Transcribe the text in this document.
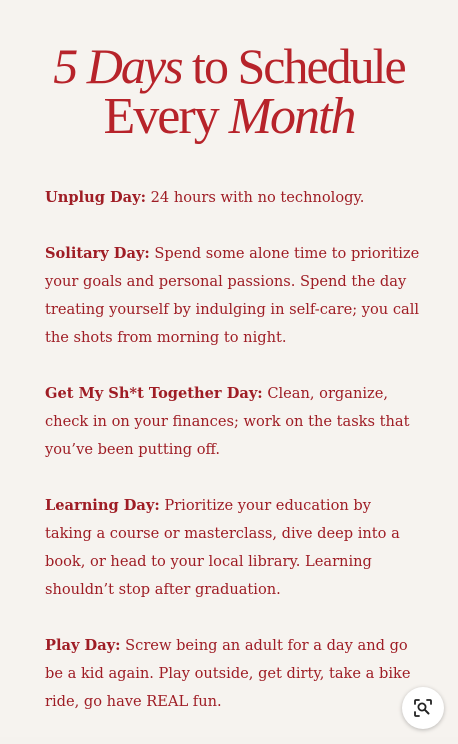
5 Days to Schedule
Every Month

Unplug Day: 24 hours with no technology.

Solitary Day: Spend some alone time to prioritize your goals and personal passions. Spend the day treating yourself by indulging in self-care; you call the shots from morning to night.

Get My Sh*t Together Day: Clean, organize, check in on your finances; work on the tasks that you’ve been putting off.

Learning Day: Prioritize your education by taking a course or masterclass, dive deep into a book, or head to your local library. Learning shouldn’t stop after graduation.

Play Day: Screw being an adult for a day and go be a kid again. Play outside, get dirty, take a bike ride, go have REAL fun.
